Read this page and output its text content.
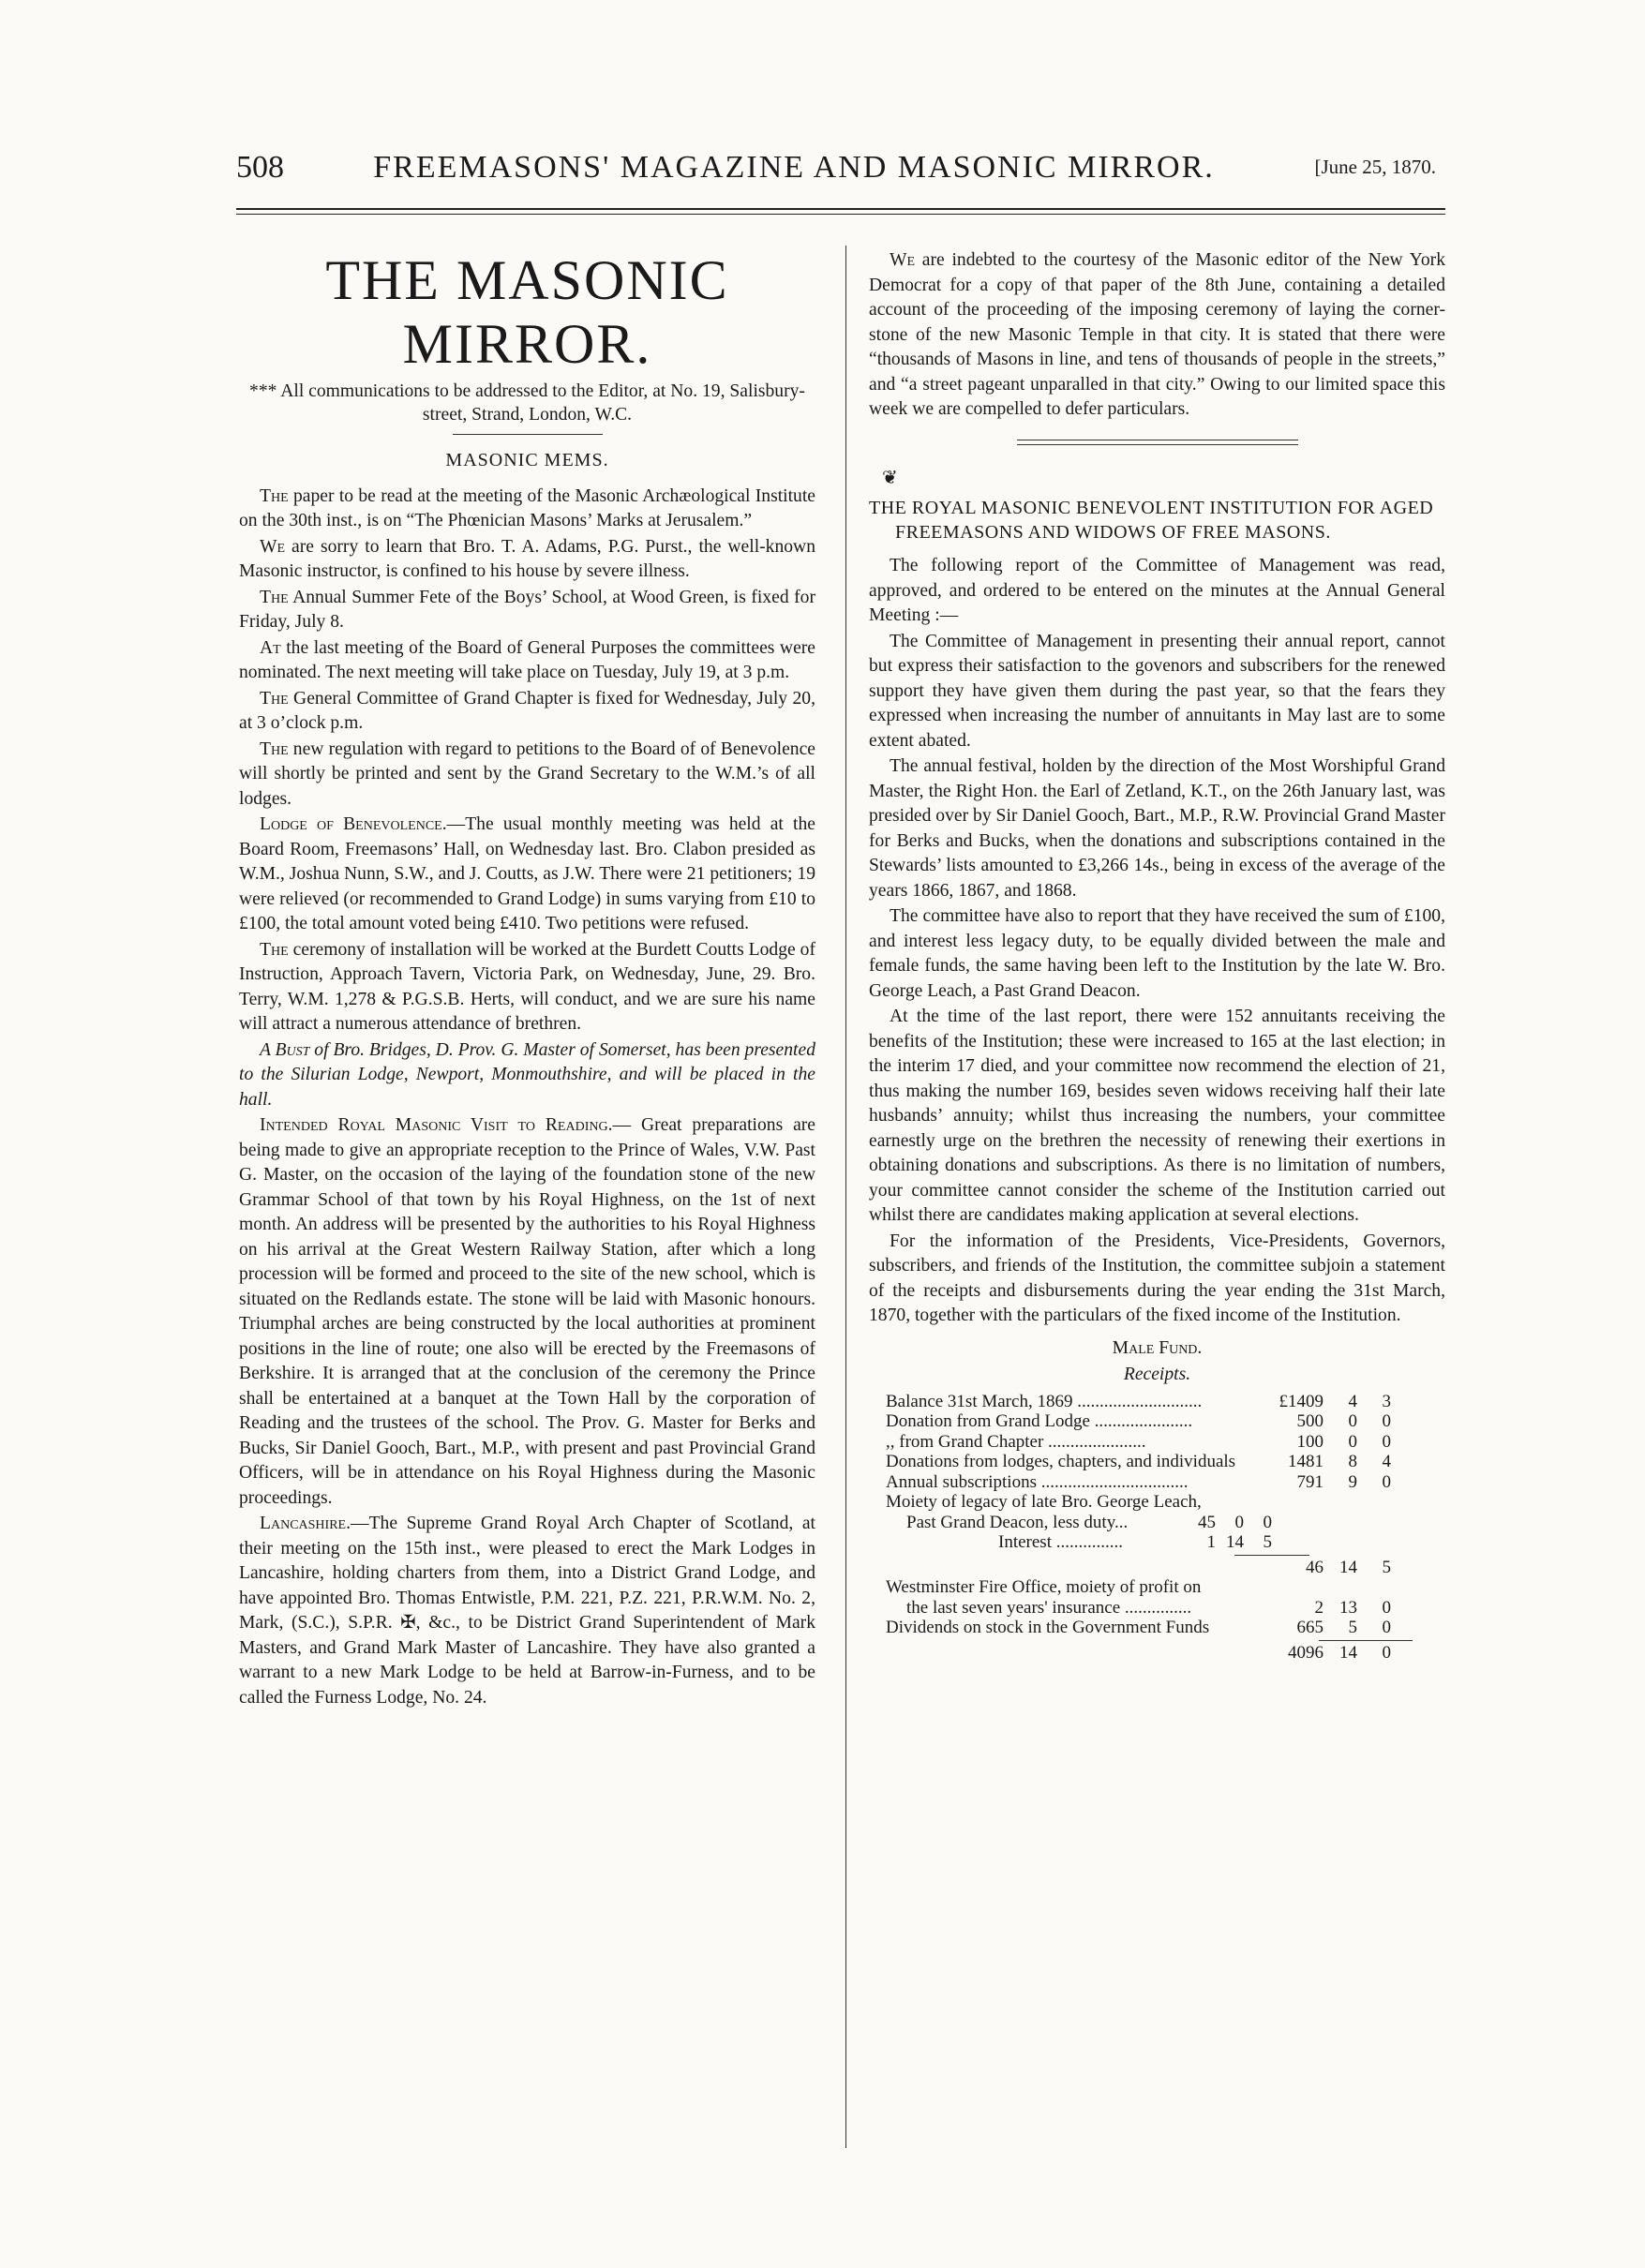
508	FREEMASONS' MAGAZINE AND MASONIC MIRROR.	[June 25, 1870.
THE MASONIC MIRROR.
*** All communications to be addressed to the Editor, at No. 19, Salisbury-street, Strand, London, W.C.
MASONIC MEMS.

The paper to be read at the meeting of the Masonic Archæological Institute on the 30th inst., is on “The Phœnician Masons’ Marks at Jerusalem.”

We are sorry to learn that Bro. T. A. Adams, P.G. Purst., the well-known Masonic instructor, is confined to his house by severe illness.

The Annual Summer Fete of the Boys’ School, at Wood Green, is fixed for Friday, July 8.

At the last meeting of the Board of General Purposes the committees were nominated. The next meeting will take place on Tuesday, July 19, at 3 p.m.

The General Committee of Grand Chapter is fixed for Wednesday, July 20, at 3 o’clock p.m.

The new regulation with regard to petitions to the Board of of Benevolence will shortly be printed and sent by the Grand Secretary to the W.M.’s of all lodges.

Lodge of Benevolence.—The usual monthly meeting was held at the Board Room, Freemasons’ Hall, on Wednesday last. Bro. Clabon presided as W.M., Joshua Nunn, S.W., and J. Coutts, as J.W. There were 21 petitioners; 19 were relieved (or recommended to Grand Lodge) in sums varying from £10 to £100, the total amount voted being £410. Two petitions were refused.

The ceremony of installation will be worked at the Burdett Coutts Lodge of Instruction, Approach Tavern, Victoria Park, on Wednesday, June, 29. Bro. Terry, W.M. 1,278 & P.G.S.B. Herts, will conduct, and we are sure his name will attract a numerous attendance of brethren.

A Bust of Bro. Bridges, D. Prov. G. Master of Somerset, has been presented to the Silurian Lodge, Newport, Monmouthshire, and will be placed in the hall.

Intended Royal Masonic Visit to Reading.— Great preparations are being made to give an appropriate reception to the Prince of Wales, V.W. Past G. Master, on the occasion of the laying of the foundation stone of the new Grammar School of that town by his Royal Highness, on the 1st of next month. An address will be presented by the authorities to his Royal Highness on his arrival at the Great Western Railway Station, after which a long procession will be formed and proceed to the site of the new school, which is situated on the Redlands estate. The stone will be laid with Masonic honours. Triumphal arches are being constructed by the local authorities at prominent positions in the line of route; one also will be erected by the Freemasons of Berkshire. It is arranged that at the conclusion of the ceremony the Prince shall be entertained at a banquet at the Town Hall by the corporation of Reading and the trustees of the school. The Prov. G. Master for Berks and Bucks, Sir Daniel Gooch, Bart., M.P., with present and past Provincial Grand Officers, will be in attendance on his Royal Highness during the Masonic proceedings.

Lancashire.—The Supreme Grand Royal Arch Chapter of Scotland, at their meeting on the 15th inst., were pleased to erect the Mark Lodges in Lancashire, holding charters from them, into a District Grand Lodge, and have appointed Bro. Thomas Entwistle, P.M. 221, P.Z. 221, P.R.W.M. No. 2, Mark, (S.C.), S.P.R. ✠, &c., to be District Grand Superintendent of Mark Masters, and Grand Mark Master of Lancashire. They have also granted a warrant to a new Mark Lodge to be held at Barrow-in-Furness, and to be called the Furness Lodge, No. 24.

We are indebted to the courtesy of the Masonic editor of the New York Democrat for a copy of that paper of the 8th June, containing a detailed account of the proceeding of the imposing ceremony of laying the corner-stone of the new Masonic Temple in that city. It is stated that there were “thousands of Masons in line, and tens of thousands of people in the streets,” and “a street pageant unparalled in that city.” Owing to our limited space this week we are compelled to defer particulars.

❦
THE ROYAL MASONIC BENEVOLENT INSTITUTION FOR AGED FREEMASONS AND WIDOWS OF FREE MASONS.

The following report of the Committee of Management was read, approved, and ordered to be entered on the minutes at the Annual General Meeting :—

The Committee of Management in presenting their annual report, cannot but express their satisfaction to the govenors and subscribers for the renewed support they have given them during the past year, so that the fears they expressed when increasing the number of annuitants in May last are to some extent abated.

The annual festival, holden by the direction of the Most Worshipful Grand Master, the Right Hon. the Earl of Zetland, K.T., on the 26th January last, was presided over by Sir Daniel Gooch, Bart., M.P., R.W. Provincial Grand Master for Berks and Bucks, when the donations and subscriptions contained in the Stewards’ lists amounted to £3,266 14s., being in excess of the average of the years 1866, 1867, and 1868.

The committee have also to report that they have received the sum of £100, and interest less legacy duty, to be equally divided between the male and female funds, the same having been left to the Institution by the late W. Bro. George Leach, a Past Grand Deacon.

At the time of the last report, there were 152 annuitants receiving the benefits of the Institution; these were increased to 165 at the last election; in the interim 17 died, and your committee now recommend the election of 21, thus making the number 169, besides seven widows receiving half their late husbands’ annuity; whilst thus increasing the numbers, your committee earnestly urge on the brethren the necessity of renewing their exertions in obtaining donations and subscriptions. As there is no limitation of numbers, your committee cannot consider the scheme of the Institution carried out whilst there are candidates making application at several elections.

For the information of the Presidents, Vice-Presidents, Governors, subscribers, and friends of the Institution, the committee subjoin a statement of the receipts and disbursements during the year ending the 31st March, 1870, together with the particulars of the fixed income of the Institution.

Male Fund.
Receipts.
Balance 31st March, 1869 ............................	£1409	4	3
Donation from Grand Lodge ......................	500	0	0
,, from Grand Chapter ......................	100	0	0
Donations from lodges, chapters, and individuals	1481	8	4
Annual subscriptions .................................	791	9	0
Moiety of legacy of late Bro. George Leach,
Past Grand Deacon, less duty...	45	0	0
Interest ...............	1 14	5
46 14	5
Westminster Fire Office, moiety of profit on
the last seven years' insurance ...............	2 13	0
Dividends on stock in the Government Funds	665	5	0
4096 14	0
